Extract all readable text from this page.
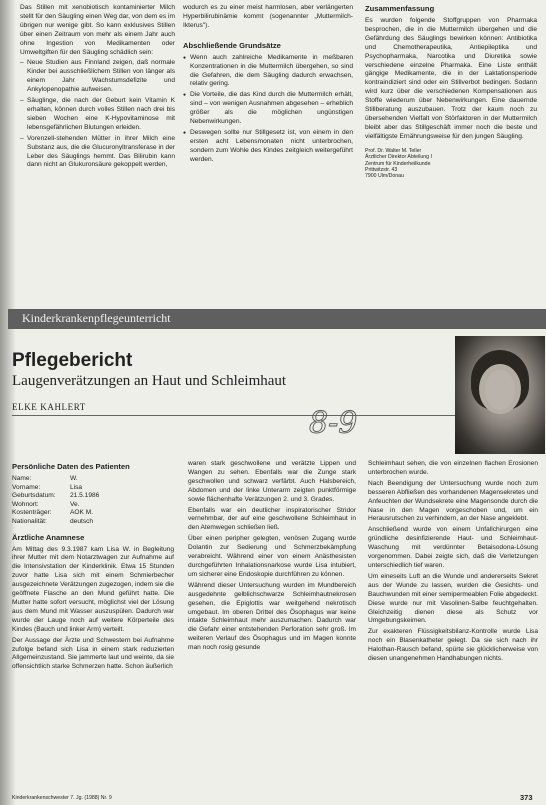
Das Stillen mit xenobiotisch kontaminierter Milch stellt für den Säugling einen Weg dar, von dem es im übrigen nur wenige gibt. So kann exklusives Stillen über einen Zeitraum von mehr als einem Jahr auch ohne Ingestion von Medikamenten oder Umweltgiften für den Säugling schädlich sein:

– Neue Studien aus Finnland zeigen, daß normale Kinder bei ausschließlichem Stillen von länger als einem Jahr Wachstumsdefizite und Ankylopenopathie aufweisen.
– Säuglinge, die nach der Geburt kein Vitamin K erhalten, können durch volles Stillen nach drei bis sieben Wochen eine K-Hypovitaminose mit lebensgefährlichen Blutungen erleiden.
– Vorenzell-stehenden Mütter in ihrer Milch eine Substanz aus, die die Glucuronyltransferase in der Leber des Säuglings hemmt. Das Bilirubin kann dann nicht an Glukuronsäure gekoppelt werden,

wodurch es zu einer meist harmlosen, aber verlängerten Hyperbilirubinämie kommt (sogenannter „Muttermilch-Ikterus").

Abschließende Grundsätze
● Wenn auch zahlreiche Medikamente in meßbaren Konzentrationen in die Muttermilch übergehen, so sind die Gefahren, die dem Säugling dadurch erwachsen, relativ gering.
● Die Vorteile, die das Kind durch die Muttermilch erhält, sind – von wenigen Ausnahmen abgesehen – erheblich größer als die möglichen ungünstigen Nebenwirkungen.
● Deswegen sollte nur Stillgesetz ist, von einem in den ersten acht Lebensmonaten nicht unterbrochen, sondern zum Wohle des Kindes zeitgleich weitergeführt werden.
Zusammenfassung

Es wurden folgende Stoffgruppen von Pharmaka besprochen, die in die Muttermilch übergehen und die Gefährdung des Säuglings bewirken können: Antibiotika und Chemotherapeutika, Antiepileptika und Psychopharmaka, Narcotika und Diuretika sowie verschiedene einzelne Pharmaka. Eine Liste enthält gängige Medikamente, die in der Laktationsperiode kontraindiziert sind oder ein Stillverbot bedingen. Sodann wird kurz über die verschiedenen Kompensationen aus Stoffe wiederum über Nebenwirkungen. Eine dauernde Stillberatung auszubauen. Trotz der kaum noch zu übersehenden Vielfalt von Störfaktoren in der Muttermilch bleibt aber das Stillgeschäft immer noch die beste und vielfältigste Ernährungsweise für den jungen Säugling.

Prof. Dr. Walter M. Teller
Ärztlicher Direktor Abteilung I
Zentrum für Kinderheilkunde
Prittwitzstr. 43
7900 Ulm/Donau
Kinderkrankenpflegeunterricht
Pflegebericht
Laugenverätzungen an Haut und Schleimhaut
ELKE KAHLERT	8-9
Persönliche Daten des Patienten
Name:	W.
Vorname:	Lisa
Geburtsdatum:	21.5.1986
Wohnort:	Ve.
Kostenträger:	AOK M.
Nationalität:	deutsch
Ärztliche Anamnese

Am Mittag des 9.3.1987 kam Lisa W. in Begleitung ihrer Mutter mit dem Notarztwagen zur Aufnahme auf die Intensivstation der Kinderklinik. Etwa 15 Stunden zuvor hatte Lisa sich mit einem Schmierbecher ausgezeichnete Verätzungen zugezogen, indem sie die geöffnete Flasche an den Mund geführt hatte. Die Mutter hatte sofort versucht, möglichst viel der Lösung aus dem Mund mit Wasser auszuspülen. Dadurch war wurde der Lauge noch auf weitere Körperteile des Kindes (Bauch und linker Arm) verteilt.

Der Aussage der Ärzte und Schwestern bei Aufnahme zufolge befand sich Lisa in einem stark reduzierten Allgemeinzustand. Sie jammerte laut und weinte, da sie offensichtlich starke Schmerzen hatte. Schon äußerlich

waren stark geschwollene und verätzte Lippen und Wangen zu sehen. Ebenfalls war die Zunge stark geschwollen und schwarz verfärbt. Auch Halsbereich, Abdomen und der linke Unterarm zeigten punktförmige sowie flächenhafte Verätzungen 2. und 3. Grades.

Ebenfalls war ein deutlicher inspiratorischer Stridor vernehmbar, der auf eine geschwollene Schleimhaut in den Atemwegen schließen ließ.

Über einen peripher gelegten, venösen Zugang wurde Dolantin zur Sedierung und Schmerzbekämpfung verabreicht. Während einer von einem Anästhesisten durchgeführten Inhalationsnarkose wurde Lisa intubiert, um sicherer eine Endoskopie durchführen zu können.

Während dieser Untersuchung wurden im Mundbereich ausgedehnte gelblichschwarze Schleimhautnekrosen gesehen, die Epiglottis war weitgehend nekrotisch umgebaut. Im oberen Drittel des Ösophagus war keine intakte Schleimhaut mehr auszumachen. Dadurch war die Gefahr einer entstehenden Perforation sehr groß. Im weiteren Verlauf des Ösophagus und im Magen konnte man noch rosig gesunde

Schleimhaut sehen, die von einzelnen flachen Erosionen unterbrochen wurde.

Nach Beendigung der Untersuchung wurde noch zum besseren Abfließen des vorhandenen Magensekretes und Anfeuchten der Wundsekrete eine Magensonde durch die Nase in den Magen vorgeschoben und, um ein Herausrutschen zu verhindern, an der Nase angeklebt.

Anschließend wurde von einem Unfallchirurgen eine gründliche desinfizierende Haut- und Schleimhaut-Waschung mit verdünnter Betaisodona-Lösung vorgenommen. Dabei zeigte sich, daß die Verletzungen unterschiedlich tief waren.

Um eineseits Luft an die Wunde und andererseits Sekret aus der Wunde zu lassen, wurden die Gesichts- und Bauchwunden mit einer semipermeablen Folie abgedeckt. Diese wurde nur mit Vasolinen-Salbe feuchtgehalten. Gleichzeitig dienen diese als Schutz vor Umgebungskeimen.

Zur exakteren Flüssigkeitsbilanz-Kontrolle wurde Lisa noch ein Blasenkatheter gelegt. Da sie sich nach ihr Halothan-Rausch befand, spürte sie glücklicherweise von diesen unangenehmen Handhabungen nichts.

Kinderkrankenschwester 7. Jg. (1988) Nr. 9	373
